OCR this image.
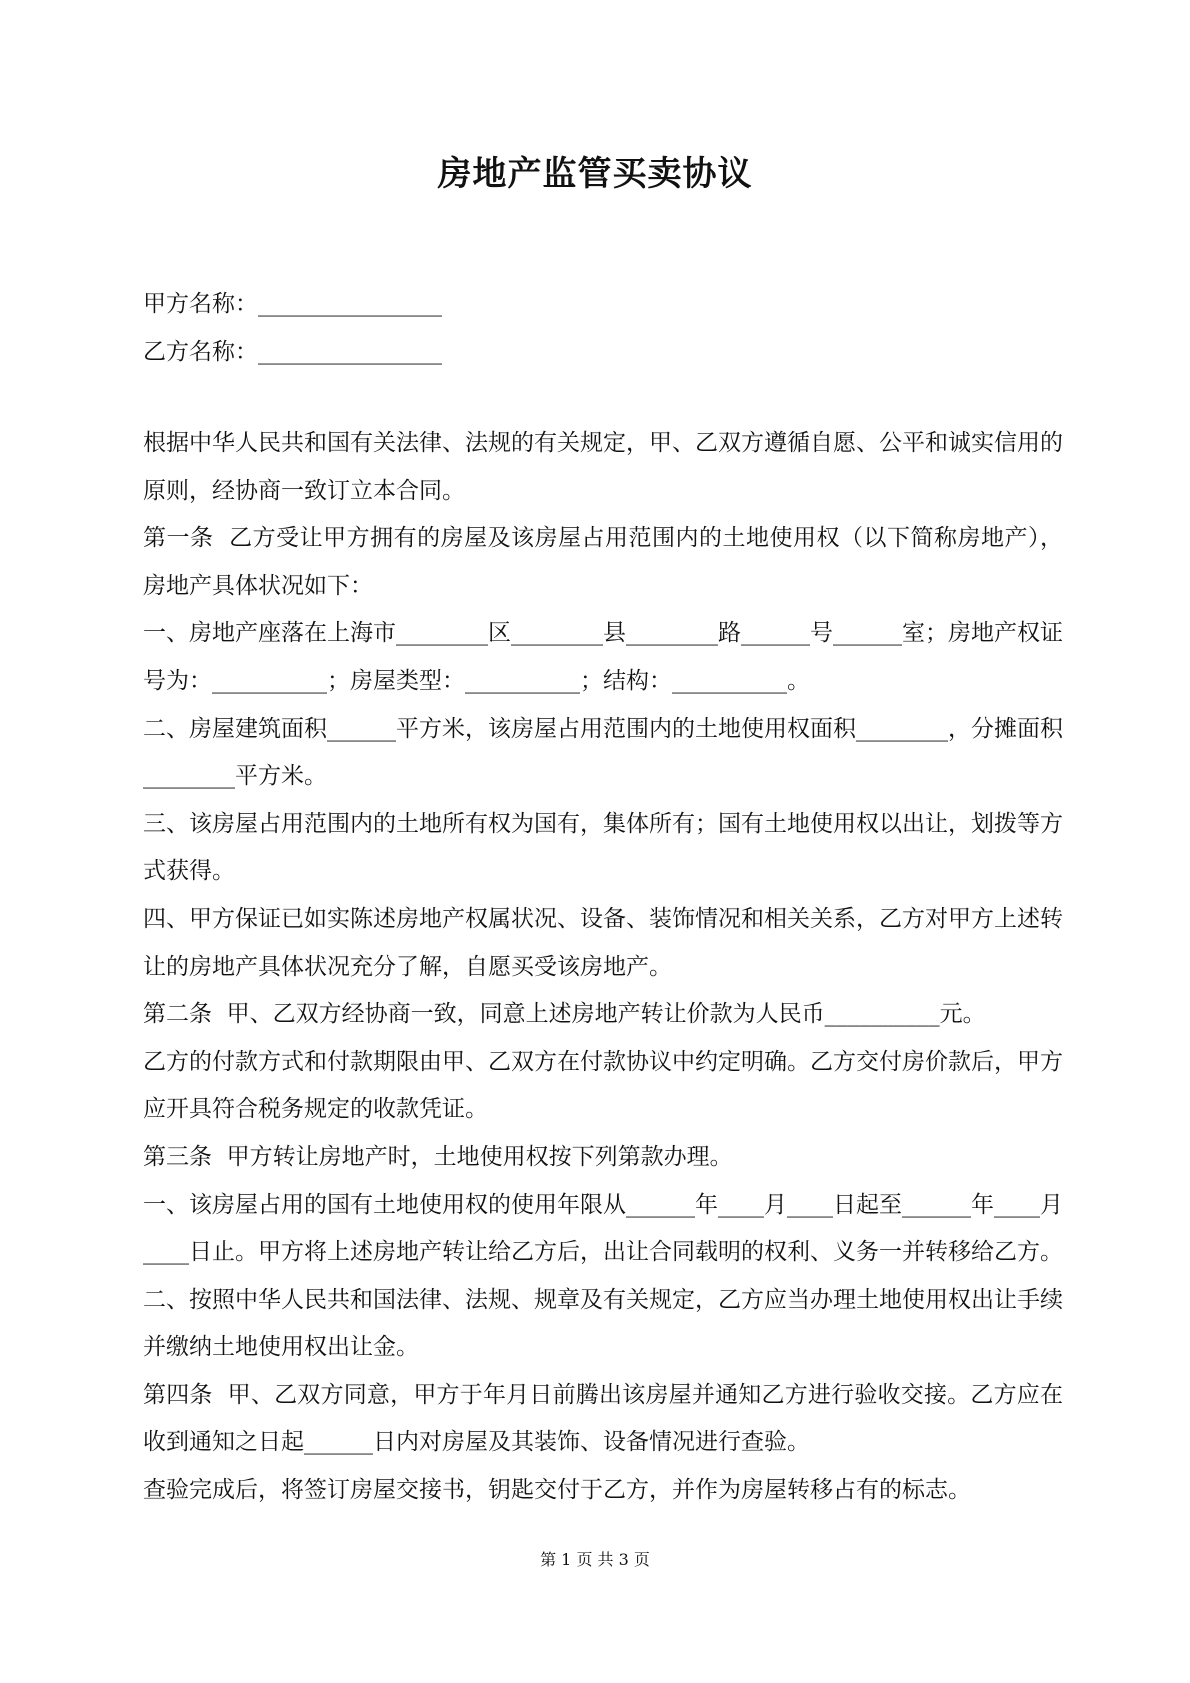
房地产监管买卖协议
甲方名称：________________
乙方名称：________________

根据中华人民共和国有关法律、法规的有关规定，甲、乙双方遵循自愿、公平和诚实信用的原则，经协商一致订立本合同。

第一条  乙方受让甲方拥有的房屋及该房屋占用范围内的土地使用权（以下简称房地产），房地产具体状况如下：

一、房地产座落在上海市________区________县________路______号______室；房地产权证号为：__________；房屋类型：__________；结构：__________。

二、房屋建筑面积______平方米，该房屋占用范围内的土地使用权面积________，分摊面积________平方米。

三、该房屋占用范围内的土地所有权为国有，集体所有；国有土地使用权以出让，划拨等方式获得。

四、甲方保证已如实陈述房地产权属状况、设备、装饰情况和相关关系，乙方对甲方上述转让的房地产具体状况充分了解，自愿买受该房地产。

第二条  甲、乙双方经协商一致，同意上述房地产转让价款为人民币__________元。

乙方的付款方式和付款期限由甲、乙双方在付款协议中约定明确。乙方交付房价款后，甲方应开具符合税务规定的收款凭证。

第三条  甲方转让房地产时，土地使用权按下列第款办理。

一、该房屋占用的国有土地使用权的使用年限从______年____月____日起至______年____月____日止。甲方将上述房地产转让给乙方后，出让合同载明的权利、义务一并转移给乙方。

二、按照中华人民共和国法律、法规、规章及有关规定，乙方应当办理土地使用权出让手续并缴纳土地使用权出让金。

第四条  甲、乙双方同意，甲方于年月日前腾出该房屋并通知乙方进行验收交接。乙方应在收到通知之日起______日内对房屋及其装饰、设备情况进行查验。

查验完成后，将签订房屋交接书，钥匙交付于乙方，并作为房屋转移占有的标志。

第 1 页 共 3 页
